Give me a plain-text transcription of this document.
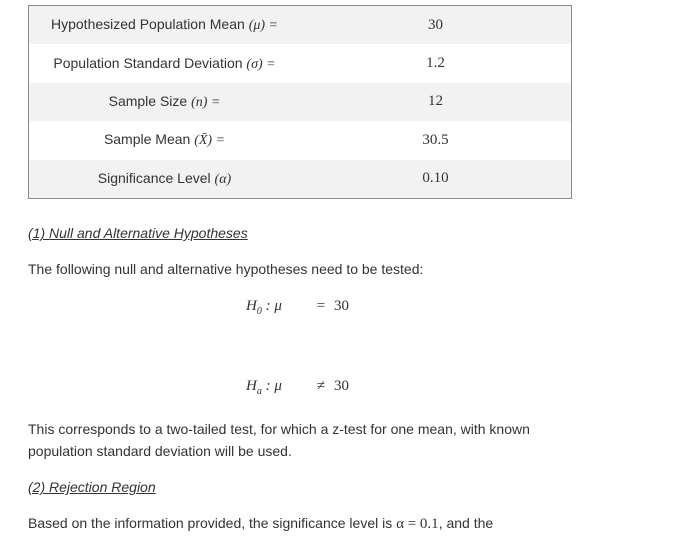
Hypothesized Population Mean (μ) =	30
Population Standard Deviation (σ) =	1.2
Sample Size (n) =	12
Sample Mean (X̄) =	30.5
Significance Level (α)	0.10
(1) Null and Alternative Hypotheses
The following null and alternative hypotheses need to be tested:
$H_0$ : μ	= 30
$H_a$ : μ	≠ 30
This corresponds to a two-tailed test, for which a z-test for one mean, with known population standard deviation will be used.
(2) Rejection Region
Based on the information provided, the significance level is α = 0.1, and the
